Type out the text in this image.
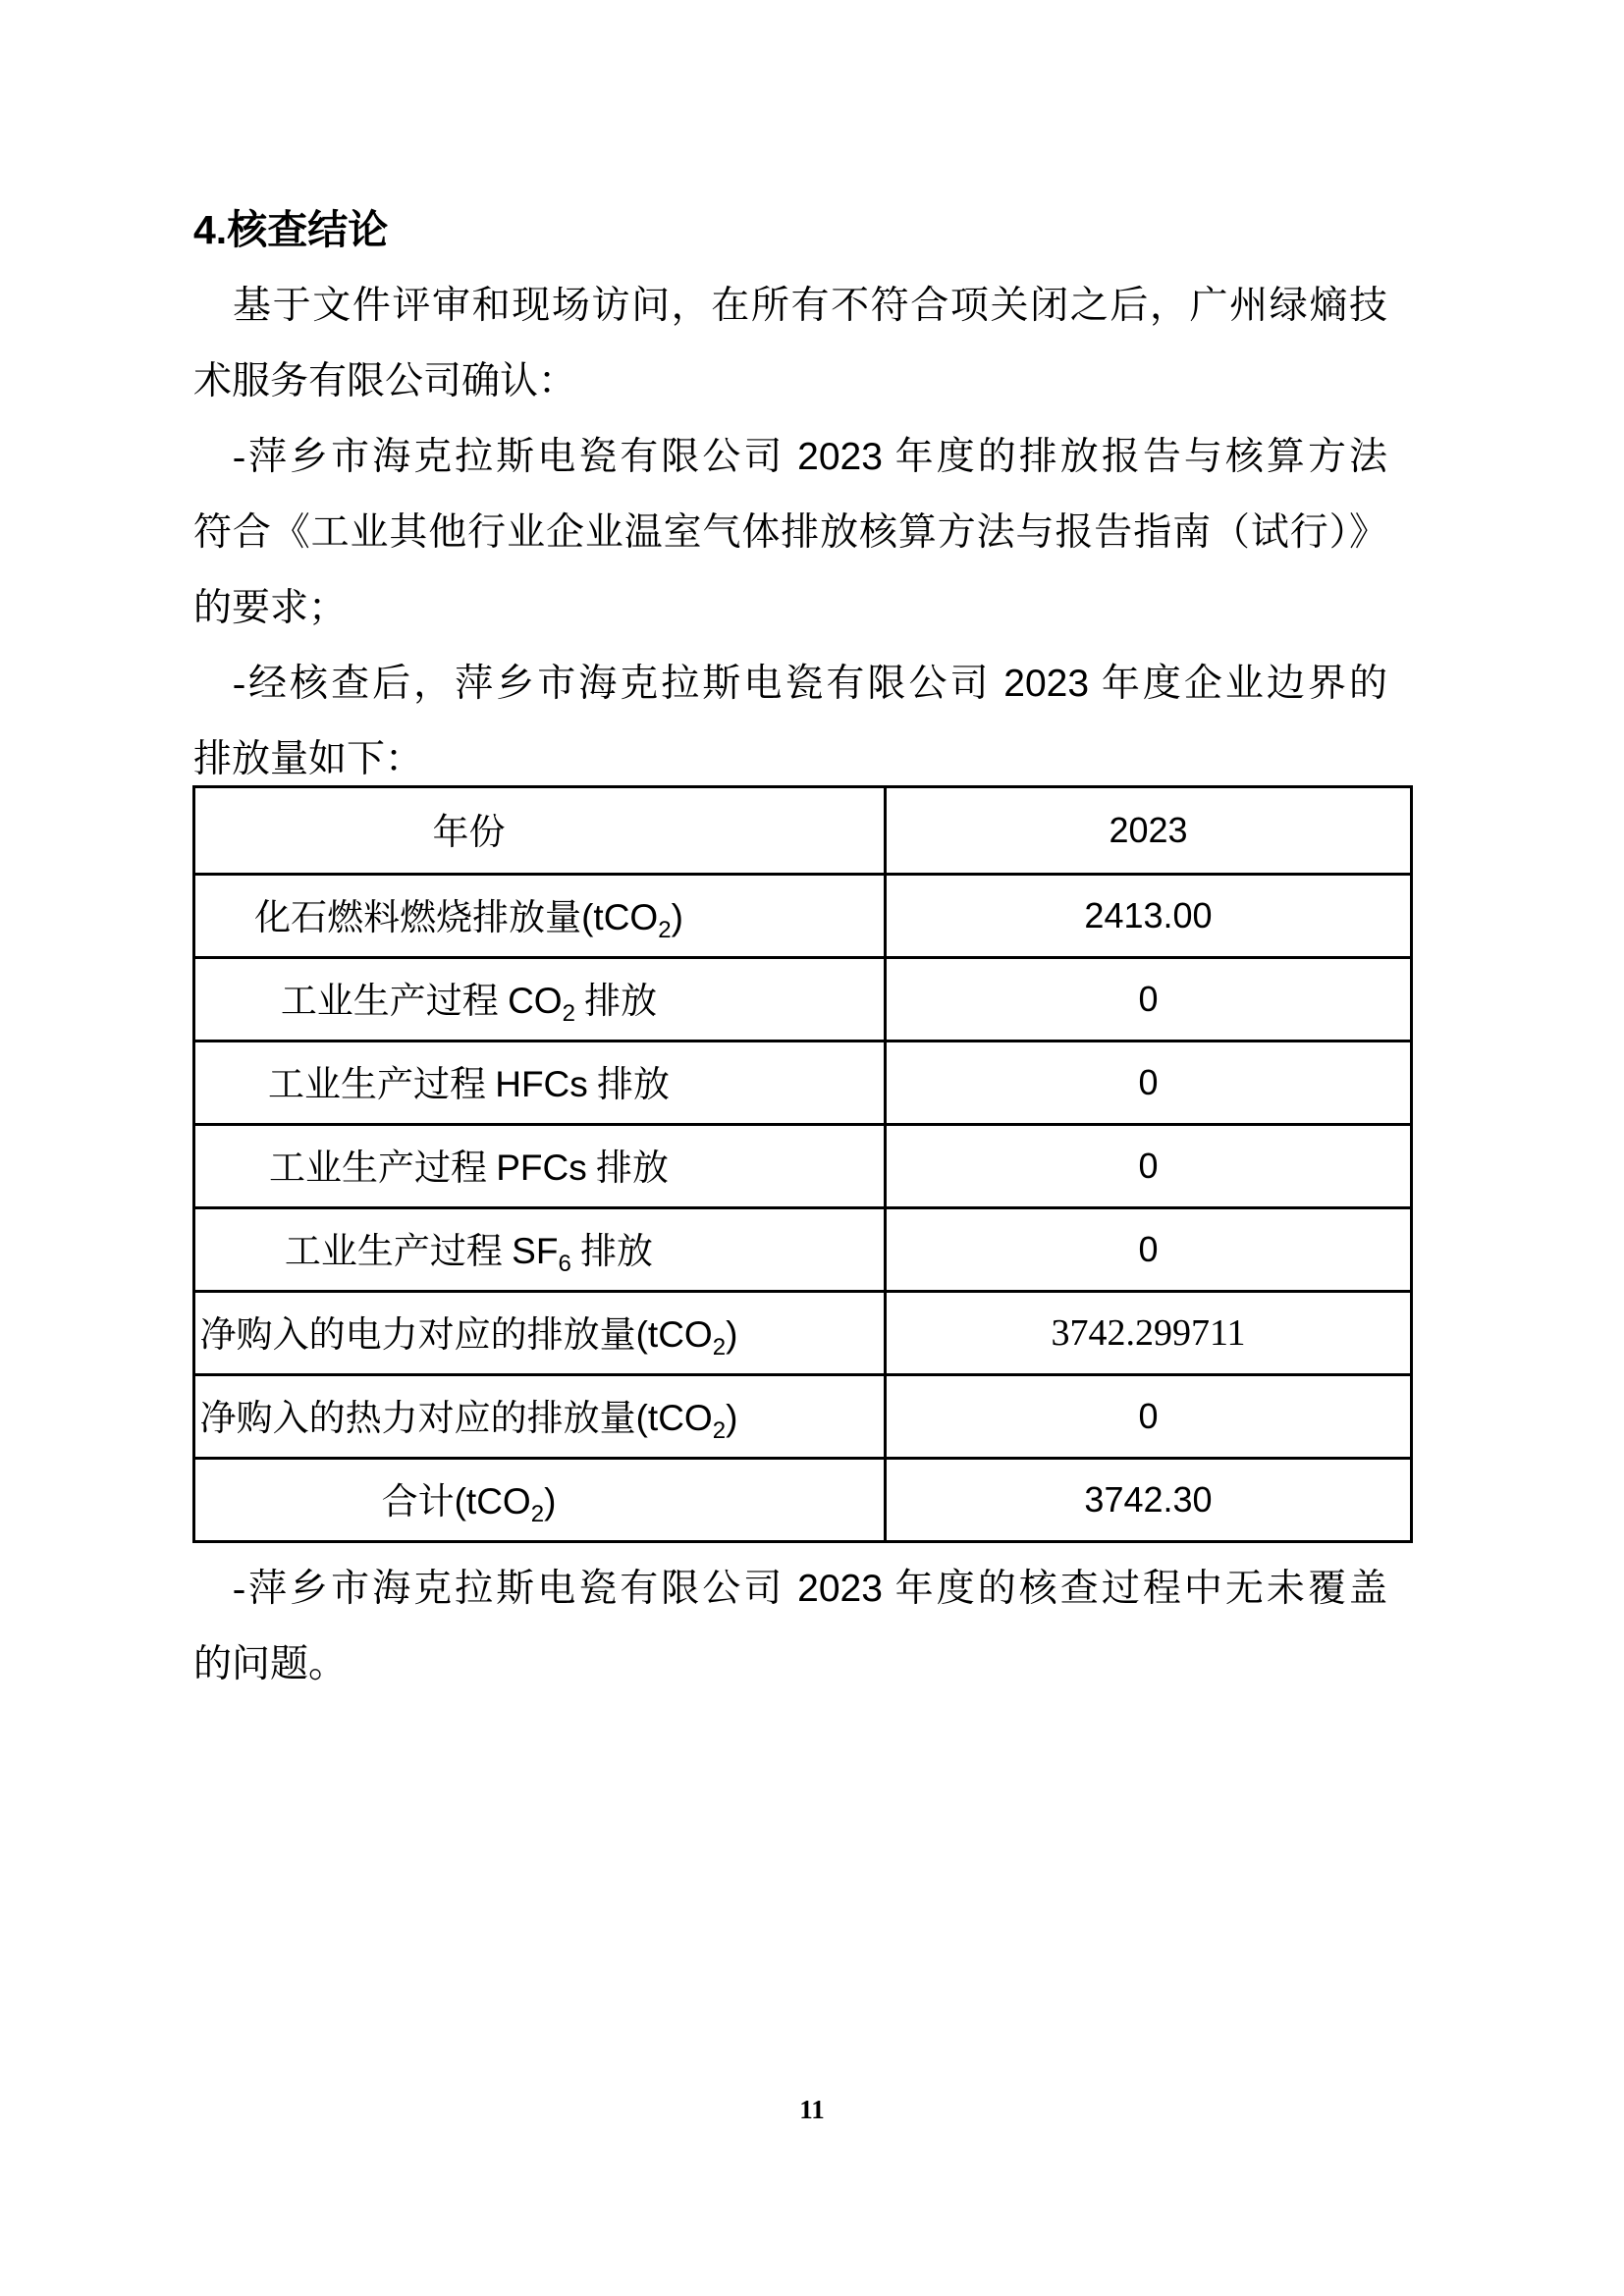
4.核查结论
基于文件评审和现场访问，在所有不符合项关闭之后，广州绿熵技
术服务有限公司确认：
-萍乡市海克拉斯电瓷有限公司 2023 年度的排放报告与核算方法
符合《工业其他行业企业温室气体排放核算方法与报告指南（试行）》
的要求；
-经核查后，萍乡市海克拉斯电瓷有限公司 2023 年度企业边界的
排放量如下：
年份	2023
化石燃料燃烧排放量(tCO$_2$)	2413.00
工业生产过程 $CO_2$ 排放	0
工业生产过程 HFCs 排放	0
工业生产过程 PFCs 排放	0
工业生产过程 $SF_6$ 排放	0
净购入的电力对应的排放量(tCO$_2$)	3742.299711
净购入的热力对应的排放量(tCO$_2$)	0
合计(tCO$_2$)	3742.30
-萍乡市海克拉斯电瓷有限公司 2023 年度的核查过程中无未覆盖
的问题。
11
